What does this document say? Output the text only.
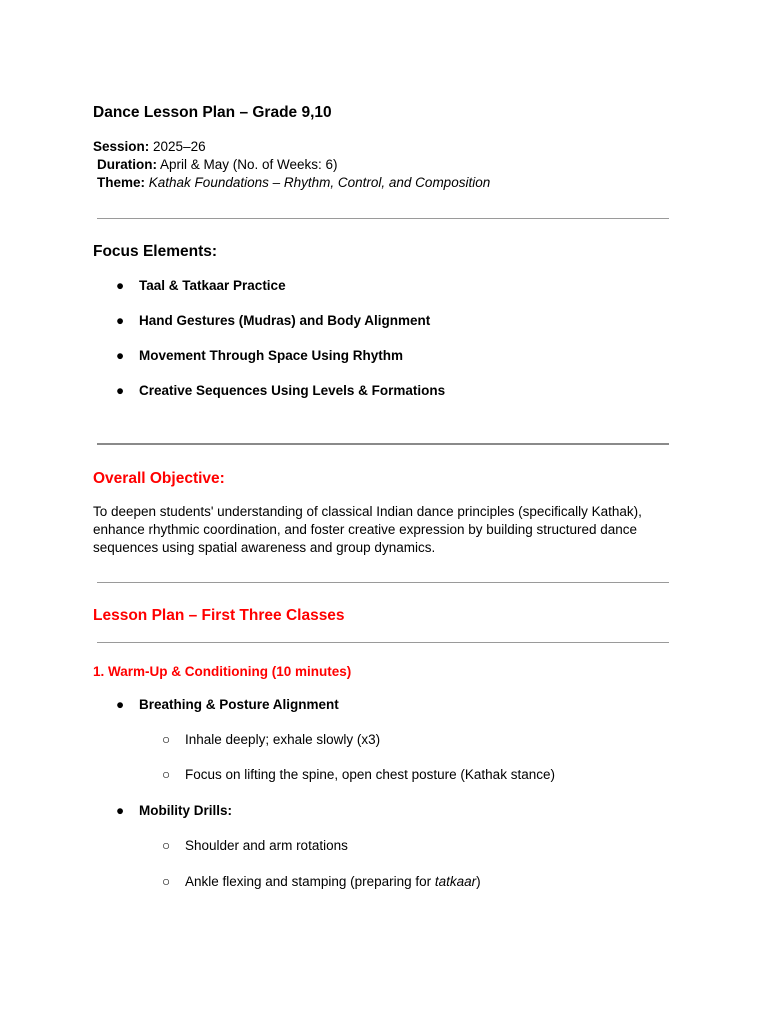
Dance Lesson Plan – Grade 9,10
Session: 2025–26
Duration: April & May (No. of Weeks: 6)
Theme: Kathak Foundations – Rhythm, Control, and Composition
Focus Elements:
● Taal & Tatkaar Practice
● Hand Gestures (Mudras) and Body Alignment
● Movement Through Space Using Rhythm
● Creative Sequences Using Levels & Formations
Overall Objective:
To deepen students' understanding of classical Indian dance principles (specifically Kathak), enhance rhythmic coordination, and foster creative expression by building structured dance sequences using spatial awareness and group dynamics.
Lesson Plan – First Three Classes
1. Warm-Up & Conditioning (10 minutes)
● Breathing & Posture Alignment
○ Inhale deeply; exhale slowly (x3)
○ Focus on lifting the spine, open chest posture (Kathak stance)
● Mobility Drills:
○ Shoulder and arm rotations
○ Ankle flexing and stamping (preparing for tatkaar)
